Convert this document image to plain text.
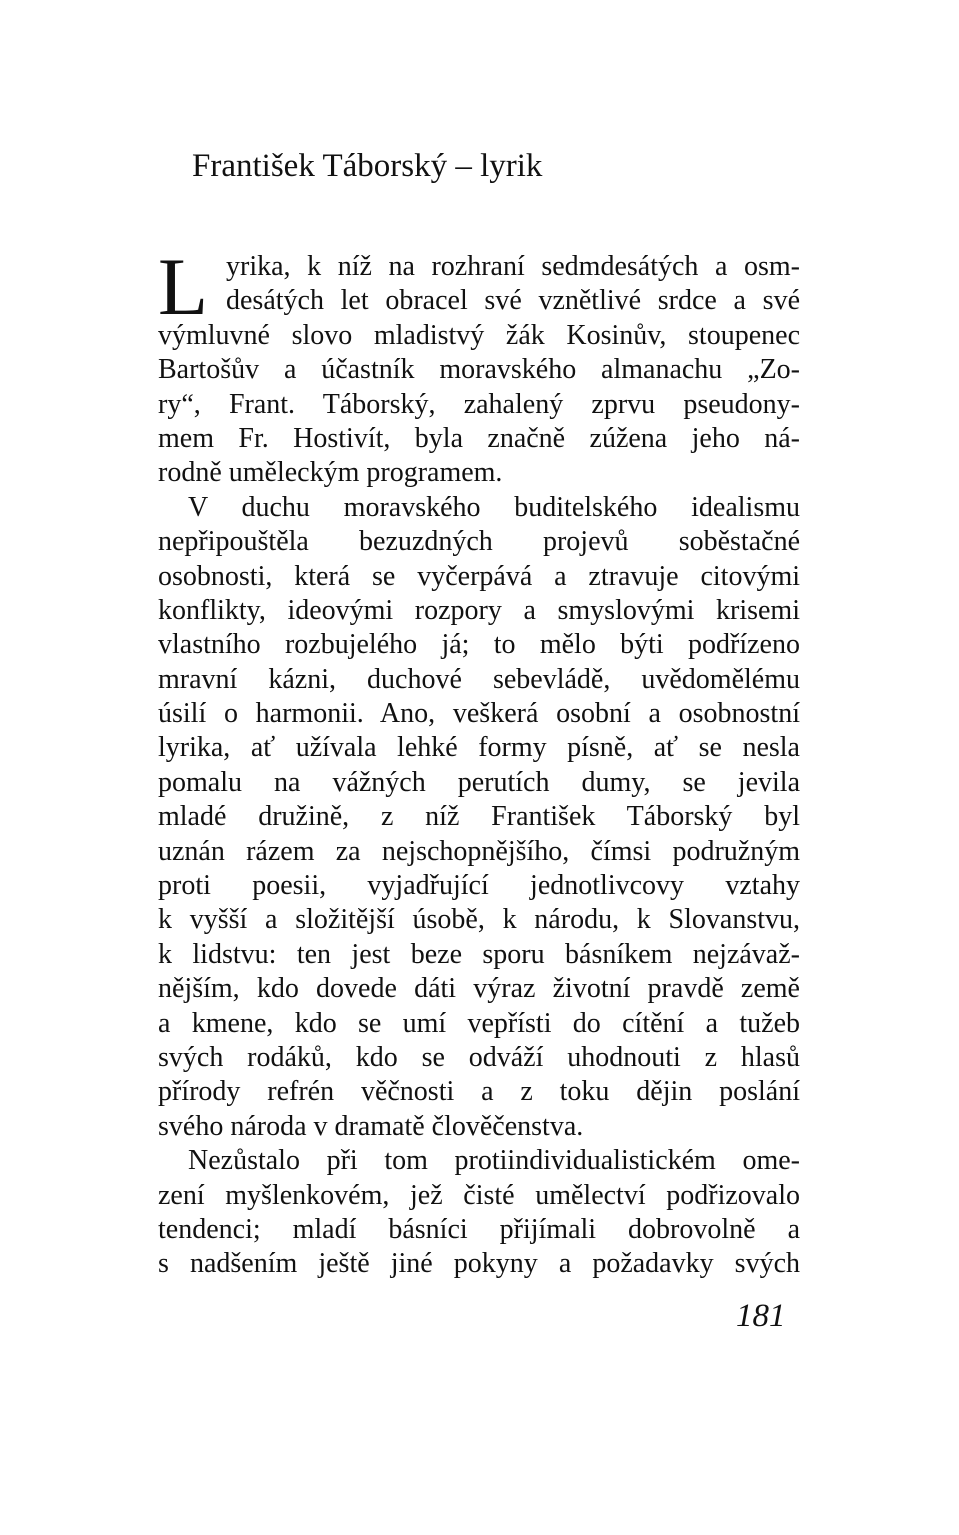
František Táborský – lyrik
L yrika, k níž na rozhraní sedmdesátých a osm-
desátých let obracel své vznětlivé srdce a své
výmluvné slovo mladistvý žák Kosinův, stoupenec
Bartošův a účastník moravského almanachu „Zo-
ry“, Frant. Táborský, zahalený zprvu pseudony-
mem Fr. Hostivít, byla značně zúžena jeho ná-
rodně uměleckým programem.
V duchu moravského buditelského idealismu
nepřipouštěla bezuzdných projevů soběstačné
osobnosti, která se vyčerpává a ztravuje citovými
konflikty, ideovými rozpory a smyslovými krisemi
vlastního rozbujelého já; to mělo býti podřízeno
mravní kázni, duchové sebevládě, uvědomělému
úsilí o harmonii. Ano, veškerá osobní a osobnostní
lyrika, ať užívala lehké formy písně, ať se nesla
pomalu na vážných perutích dumy, se jevila
mladé družině, z níž František Táborský byl
uznán rázem za nejschopnějšího, čímsi podružným
proti poesii, vyjadřující jednotlivcovy vztahy
k vyšší a složitější úsobě, k národu, k Slovanstvu,
k lidstvu: ten jest beze sporu básníkem nejzávaž-
nějším, kdo dovede dáti výraz životní pravdě země
a kmene, kdo se umí vepřísti do cítění a tužeb
svých rodáků, kdo se odváží uhodnouti z hlasů
přírody refrén věčnosti a z toku dějin poslání
svého národa v dramatě člověčenstva.
Nezůstalo při tom protiindividualistickém ome-
zení myšlenkovém, jež čisté umělectví podřizovalo
tendenci; mladí básníci přijímali dobrovolně a
s nadšením ještě jiné pokyny a požadavky svých
181
